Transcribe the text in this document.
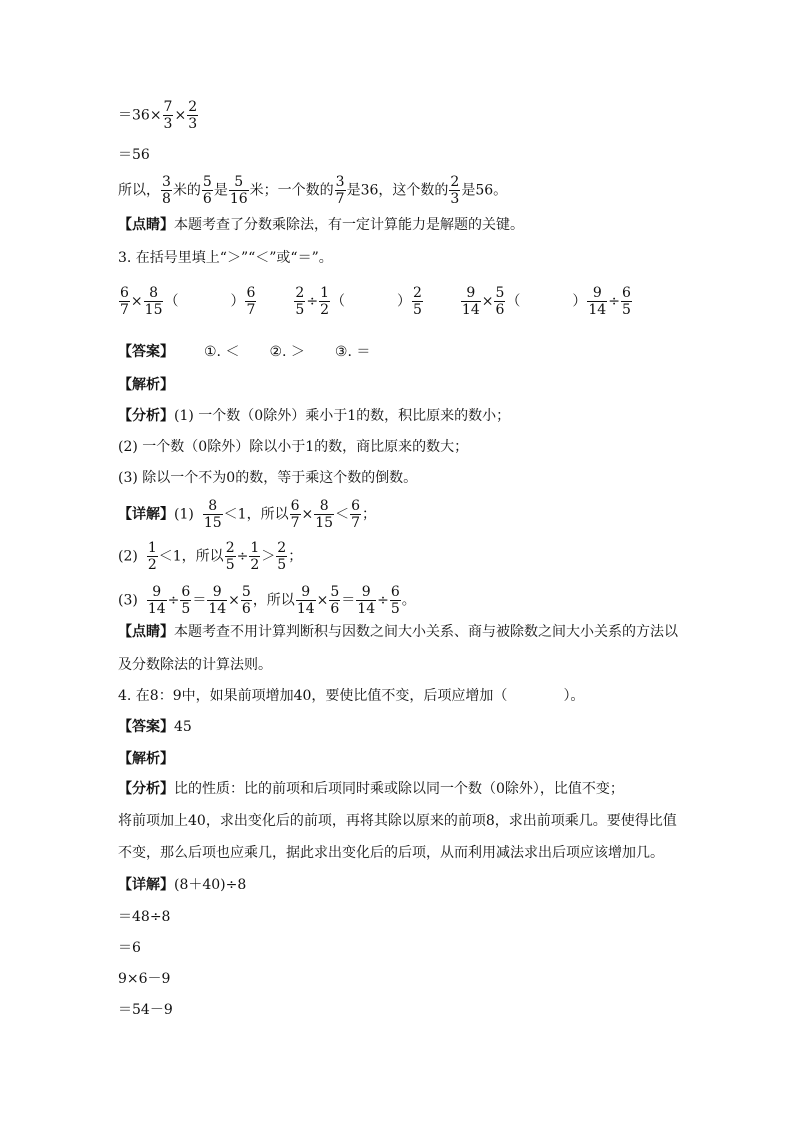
$=36\times \frac{7}{3} \times \frac{2}{3}$
＝56
所以， $\frac{3}{8}$ 米的 $\frac{5}{6}$ 是 $\frac{5}{16}$ 米；一个数的 $\frac{3}{7}$ 是36，这个数的 $\frac{2}{3}$ 是56。
【点睛】本题考查了分数乘除法，有一定计算能力是解题的关键。
3. 在括号里填上“＞”“＜”或“＝”。
$\frac{6}{7} \times \frac{8}{15}$ （	） $\frac{6}{7}$	$\frac{2}{5} \div \frac{1}{2}$ （	） $\frac{2}{5}$	$\frac{9}{14} \times \frac{5}{6}$ （	） $\frac{9}{14} \div \frac{6}{5}$
【答案】 ①. ＜ ②. ＞ ③. ＝
【解析】
【分析】(1) 一个数（0除外）乘小于1的数，积比原来的数小；
(2) 一个数（0除外）除以小于1的数，商比原来的数大；
(3) 除以一个不为0的数，等于乘这个数的倒数。
【详解】$(1) \frac{8}{15} <1$，所以 $\frac{6}{7} \times \frac{8}{15} < \frac{6}{7}$ ；
$(2) \frac{1}{2} <1$，所以 $\frac{2}{5} \div \frac{1}{2} > \frac{2}{5}$ ；
$(3) \frac{9}{14} \div \frac{6}{5} = \frac{9}{14} \times \frac{5}{6}$ ，所以 $\frac{9}{14} \times \frac{5}{6} = \frac{9}{14} \div \frac{6}{5}$ 。
【点睛】本题考查不用计算判断积与因数之间大小关系、商与被除数之间大小关系的方法以
及分数除法的计算法则。
4. 在8：9中，如果前项增加40，要使比值不变，后项应增加（	）。
【答案】45
【解析】
【分析】比的性质：比的前项和后项同时乘或除以同一个数（0除外），比值不变；
将前项加上40，求出变化后的前项，再将其除以原来的前项8，求出前项乘几。要使得比值
不变，那么后项也应乘几，据此求出变化后的后项，从而利用减法求出后项应该增加几。
【详解】(8＋40)÷8
＝48÷8
＝6
9×6－9
＝54－9
